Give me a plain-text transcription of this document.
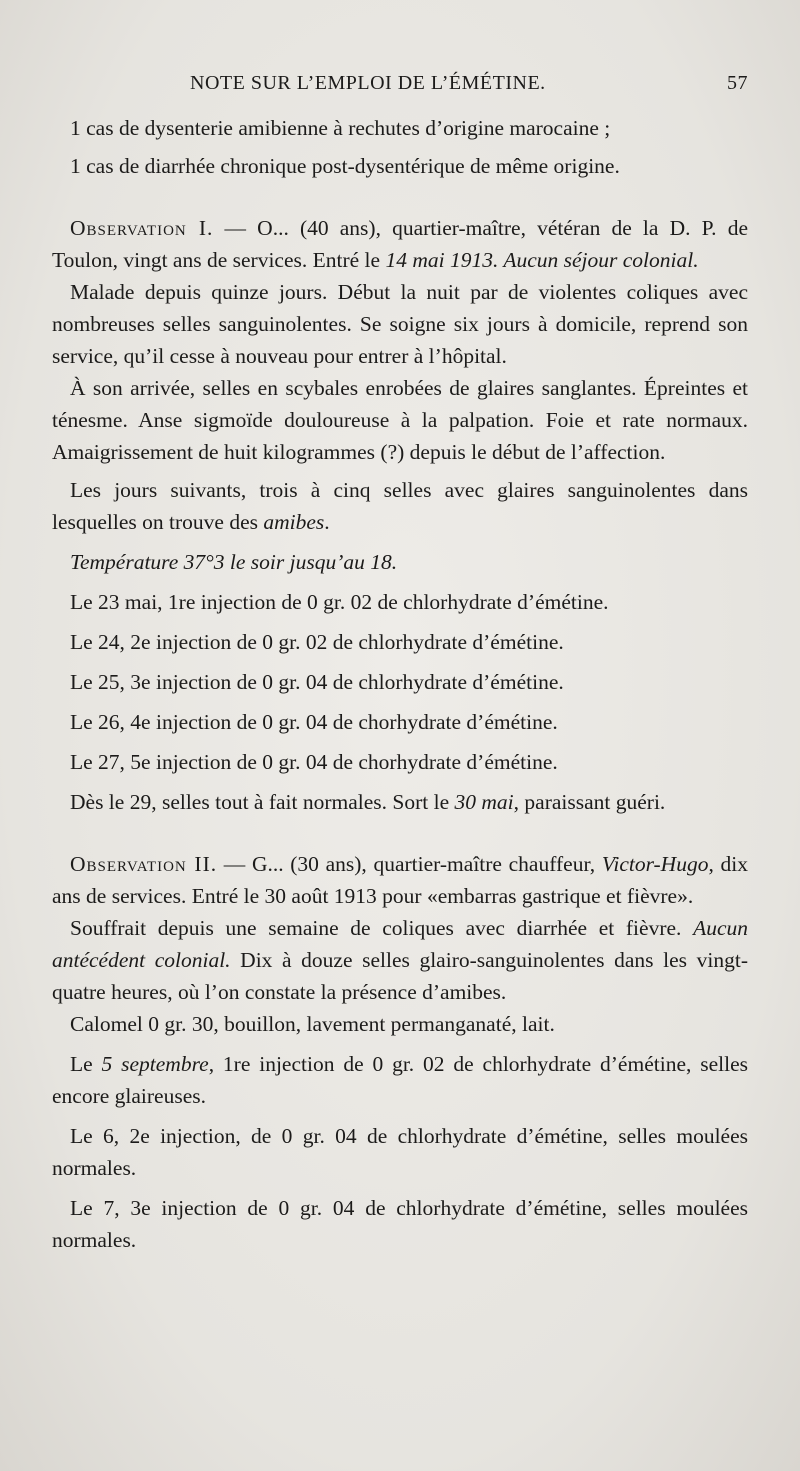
NOTE SUR L’EMPLOI DE L’ÉMÉTINE.	57

1 cas de dysenterie amibienne à rechutes d’origine marocaine ;

1 cas de diarrhée chronique post-dysentérique de même origine.

Observation I. — O... (40 ans), quartier-maître, vétéran de la D. P. de Toulon, vingt ans de services. Entré le 14 mai 1913. Aucun séjour colonial.

Malade depuis quinze jours. Début la nuit par de violentes coliques avec nombreuses selles sanguinolentes. Se soigne six jours à domicile, reprend son service, qu’il cesse à nouveau pour entrer à l’hôpital.

À son arrivée, selles en scybales enrobées de glaires sanglantes. Épreintes et ténesme. Anse sigmoïde douloureuse à la palpation. Foie et rate normaux. Amaigrissement de huit kilogrammes (?) depuis le début de l’affection.

Les jours suivants, trois à cinq selles avec glaires sanguinolentes dans lesquelles on trouve des amibes.

Température 37°3 le soir jusqu’au 18.

Le 23 mai, 1re injection de 0 gr. 02 de chlorhydrate d’émétine.

Le 24, 2e injection de 0 gr. 02 de chlorhydrate d’émétine.

Le 25, 3e injection de 0 gr. 04 de chlorhydrate d’émétine.

Le 26, 4e injection de 0 gr. 04 de chorhydrate d’émétine.

Le 27, 5e injection de 0 gr. 04 de chorhydrate d’émétine.

Dès le 29, selles tout à fait normales. Sort le 30 mai, paraissant guéri.

Observation II. — G... (30 ans), quartier-maître chauffeur, Victor-Hugo, dix ans de services. Entré le 30 août 1913 pour «embarras gastrique et fièvre».

Souffrait depuis une semaine de coliques avec diarrhée et fièvre. Aucun antécédent colonial. Dix à douze selles glairo-sanguinolentes dans les vingt-quatre heures, où l’on constate la présence d’amibes.

Calomel 0 gr. 30, bouillon, lavement permanganaté, lait.

Le 5 septembre, 1re injection de 0 gr. 02 de chlorhydrate d’émétine, selles encore glaireuses.

Le 6, 2e injection, de 0 gr. 04 de chlorhydrate d’émétine, selles moulées normales.

Le 7, 3e injection de 0 gr. 04 de chlorhydrate d’émétine, selles moulées normales.
